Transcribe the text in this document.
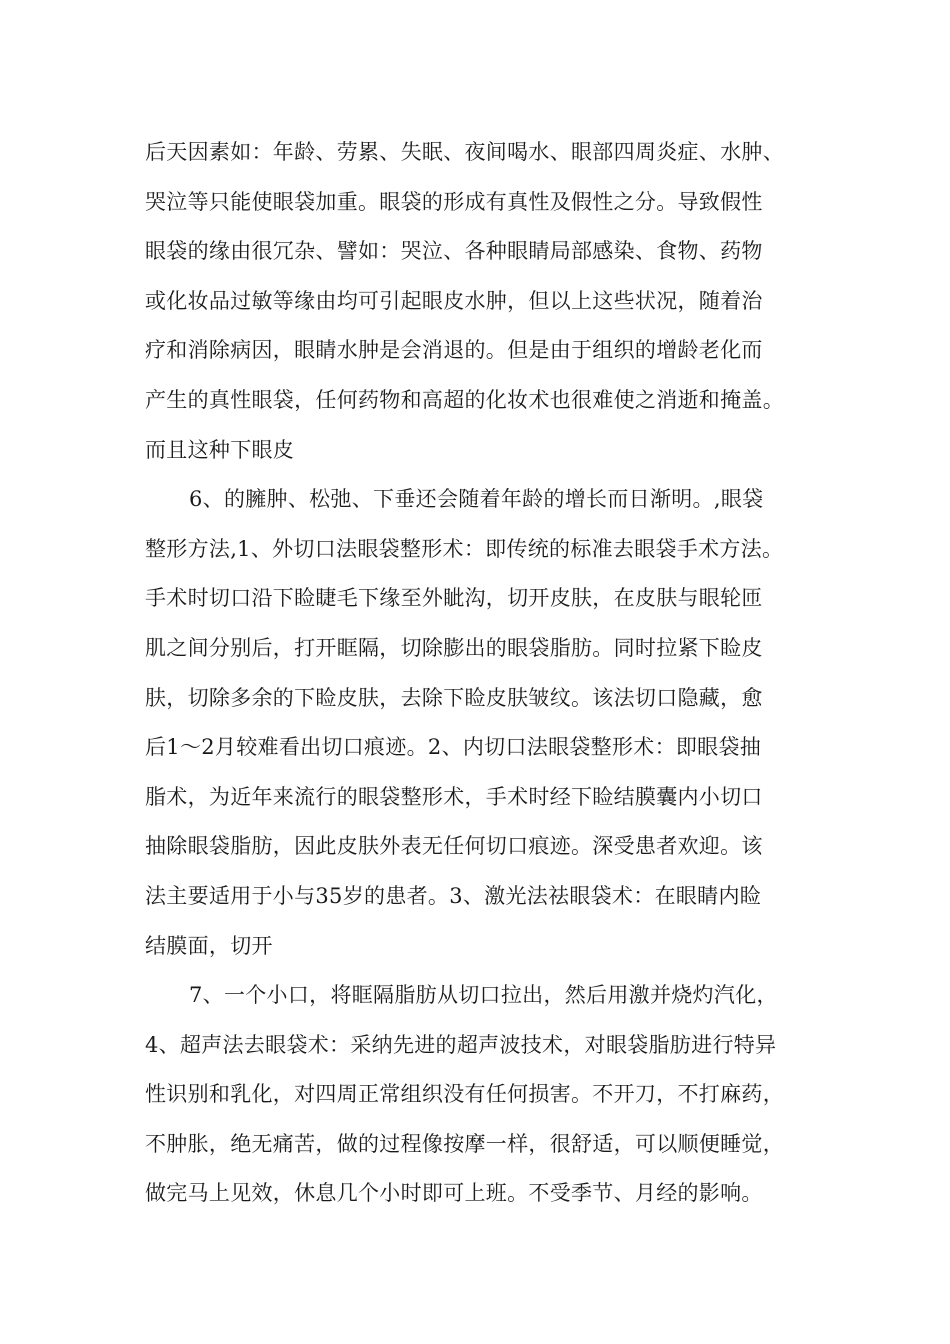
后天因素如：年龄、劳累、失眠、夜间喝水、眼部四周炎症、水肿、
哭泣等只能使眼袋加重。眼袋的形成有真性及假性之分。导致假性
眼袋的缘由很冗杂、譬如：哭泣、各种眼睛局部感染、食物、药物
或化妆品过敏等缘由均可引起眼皮水肿，但以上这些状况，随着治
疗和消除病因，眼睛水肿是会消退的。但是由于组织的增龄老化而
产生的真性眼袋，任何药物和高超的化妆术也很难使之消逝和掩盖。
而且这种下眼皮
6、的臃肿、松弛、下垂还会随着年龄的增长而日渐明。,眼袋
整形方法,1、外切口法眼袋整形术：即传统的标准去眼袋手术方法。
手术时切口沿下睑睫毛下缘至外眦沟，切开皮肤，在皮肤与眼轮匝
肌之间分别后，打开眶隔，切除膨出的眼袋脂肪。同时拉紧下睑皮
肤，切除多余的下睑皮肤，去除下睑皮肤皱纹。该法切口隐藏，愈
后1～2月较难看出切口痕迹。2、内切口法眼袋整形术：即眼袋抽
脂术，为近年来流行的眼袋整形术，手术时经下睑结膜囊内小切口
抽除眼袋脂肪，因此皮肤外表无任何切口痕迹。深受患者欢迎。该
法主要适用于小与35岁的患者。3、激光法祛眼袋术：在眼睛内睑
结膜面，切开
7、一个小口，将眶隔脂肪从切口拉出，然后用激并烧灼汽化，
4、超声法去眼袋术：采纳先进的超声波技术，对眼袋脂肪进行特异
性识别和乳化，对四周正常组织没有任何损害。不开刀，不打麻药，
不肿胀，绝无痛苦，做的过程像按摩一样，很舒适，可以顺便睡觉，
做完马上见效，休息几个小时即可上班。不受季节、月经的影响。
